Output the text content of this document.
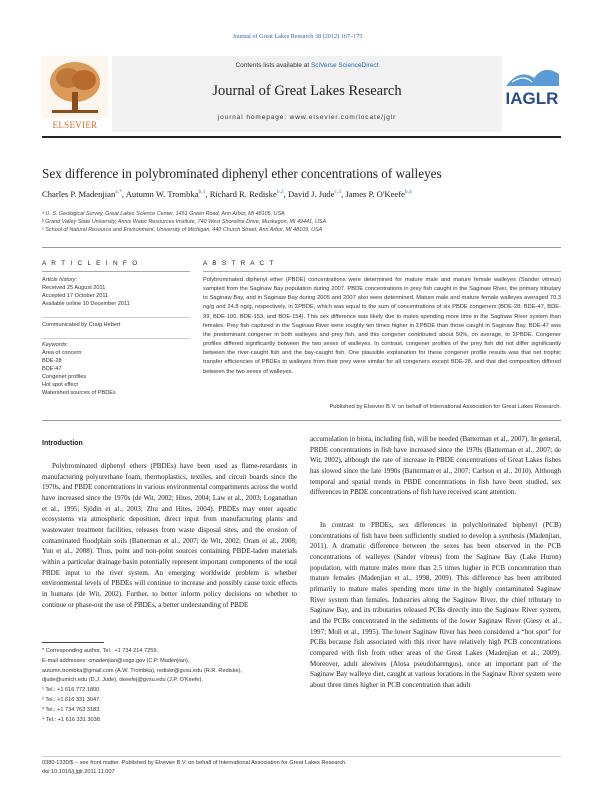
Journal of Great Lakes Research 38 (2012) 167–175
ELSEVIER
Contents lists available at SciVerse ScienceDirect
Journal of Great Lakes Research
journal homepage: www.elsevier.com/locate/jglr
IAGLR
Sex difference in polybrominated diphenyl ether concentrations of walleyes
Charles P. Madenjian$^{a,*}$, Autumn W. Trombka$^{b,1}$, Richard R. Rediske$^{b,2}$, David J. Jude$^{c,3}$, James P. O'Keefe$^{b,4}$
ᵃ U. S. Geological Survey, Great Lakes Science Center, 1451 Green Road, Ann Arbor, MI 48105, USA
ᵇ Grand Valley State University, Annis Water Resources Institute, 740 West Shoreline Drive, Muskegon, MI 49441, USA
ᶜ School of Natural Resource and Environment, University of Michigan, 440 Church Street, Ann Arbor, MI 48109, USA
A R T I C L E I N F O	A B S T R A C T
Article history:
Received 25 August 2011
Accepted 17 October 2011
Available online 10 December 2011
Communicated by Craig Hebert
Keywords:
Area of concern
BDE-28
BDE-47
Congener profiles
Hot spot effect
Watershed sources of PBDEs
Polybrominated diphenyl ether (PBDE) concentrations were determined for mature male and mature female walleyes (Sander vitreus) sampled from the Saginaw Bay population during 2007. PBDE concentrations in prey fish caught in the Saginaw River, the primary tributary to Saginaw Bay, and in Saginaw Bay during 2005 and 2007 also were determined. Mature male and mature female walleyes averaged 70.3 ng/g and 24.8 ng/g, respectively, in ΣPBDE, which was equal to the sum of concentrations of six PBDE congeners (BDE-28, BDE-47, BDE-99, BDE-100, BDE-153, and BDE-154). This sex difference was likely due to males spending more time in the Saginaw River system than females. Prey fish captured in the Saginaw River were roughly ten times higher in ΣPBDE than those caught in Saginaw Bay. BDE-47 was the predominant congener in both walleyes and prey fish, and this congener contributed about 50%, on average, to ΣPBDE. Congener profiles differed significantly between the two sexes of walleyes. In contrast, congener profiles of the prey fish did not differ significantly between the river-caught fish and the bay-caught fish. One plausible explanation for these congener profile results was that net trophic transfer efficiencies of PBDEs to walleyes from their prey were similar for all congeners except BDE-28, and that diet composition differed between the two sexes of walleyes.
Published by Elsevier B.V. on behalf of International Association for Great Lakes Research.
Introduction
Polybrominated diphenyl ethers (PBDEs) have been used as flame-retardants in manufacturing polyurethane foam, thermoplastics, textiles, and circuit boards since the 1970s, and PBDE concentrations in various environmental compartments across the world have increased since the 1970s (de Wit, 2002; Hites, 2004; Law et al., 2003; Loganathan et al., 1995; Sjödin et al., 2003; Zhu and Hites, 2004). PBDEs may enter aquatic ecosystems via atmospheric deposition, direct input from manufacturing plants and wastewater treatment facilities, releases from waste disposal sites, and the erosion of contaminated floodplain soils (Batterman et al., 2007; de Wit, 2002; Oram et al., 2008; Yun et al., 2008). Thus, point and non-point sources containing PBDE-laden materials within a particular drainage basin potentially represent important components of the total PBDE input to the river system. An emerging worldwide problem is whether environmental levels of PBDEs will continue to increase and possibly cause toxic effects in humans (de Wit, 2002). Further, to better inform policy decisions on whether to continue or phase-out the use of PBDEs, a better understanding of PBDE
accumulation in biota, including fish, will be needed (Batterman et al., 2007). In general, PBDE concentrations in fish have increased since the 1970s (Batterman et al., 2007; de Wit, 2002), although the rate of increase in PBDE concentrations of Great Lakes fishes has slowed since the late 1990s (Batterman et al., 2007; Carlson et al., 2010). Although temporal and spatial trends in PBDE concentrations in fish have been studied, sex differences in PBDE concentrations of fish have received scant attention.
In contrast to PBDEs, sex differences in polychlorinated biphenyl (PCB) concentrations of fish have been sufficiently studied to develop a synthesis (Madenjian, 2011). A dramatic difference between the sexes has been observed in the PCB concentrations of walleyes (Sander vitreus) from the Saginaw Bay (Lake Huron) population, with mature males more than 2.5 times higher in PCB concentration than mature females (Madenjian et al., 1998, 2009). This difference has been attributed primarily to mature males spending more time in the highly contaminated Saginaw River system than females. Industries along the Saginaw River, the chief tributary to Saginaw Bay, and its tributaries released PCBs directly into the Saginaw River system, and the PCBs concentrated in the sediments of the lower Saginaw River (Giesy et al., 1997; Moll et al., 1995). The lower Saginaw River has been considered a “hot spot” for PCBs because fish associated with this river have relatively high PCB concentrations compared with fish from other areas of the Great Lakes (Madenjian et al., 2009). Moreover, adult alewives (Alosa pseudoharengus), once an important part of the Saginaw Bay walleye diet, caught at various locations in the Saginaw River system were about three times higher in PCB concentration than adult
* Corresponding author. Tel.: +1 734 214 7259.
E-mail addresses: cmadenjian@usgs.gov (C.P. Madenjian),
autumn.trombka@gmail.com (A.W. Trombka), rediskr@gvsu.edu (R.R. Rediske),
djude@umich.edu (D.J. Jude), okeefej@gvsu.edu (J.P. O'Keefe).
¹ Tel.: +1 616 772 1800.
² Tel.: +1 616 331 3047.
³ Tel.: +1 734 763 3183.
⁴ Tel.: +1 616 331 3038.
0380-1330/$ – see front matter. Published by Elsevier B.V. on behalf of International Association for Great Lakes Research.
doi:10.1016/j.jglr.2011.11.007
